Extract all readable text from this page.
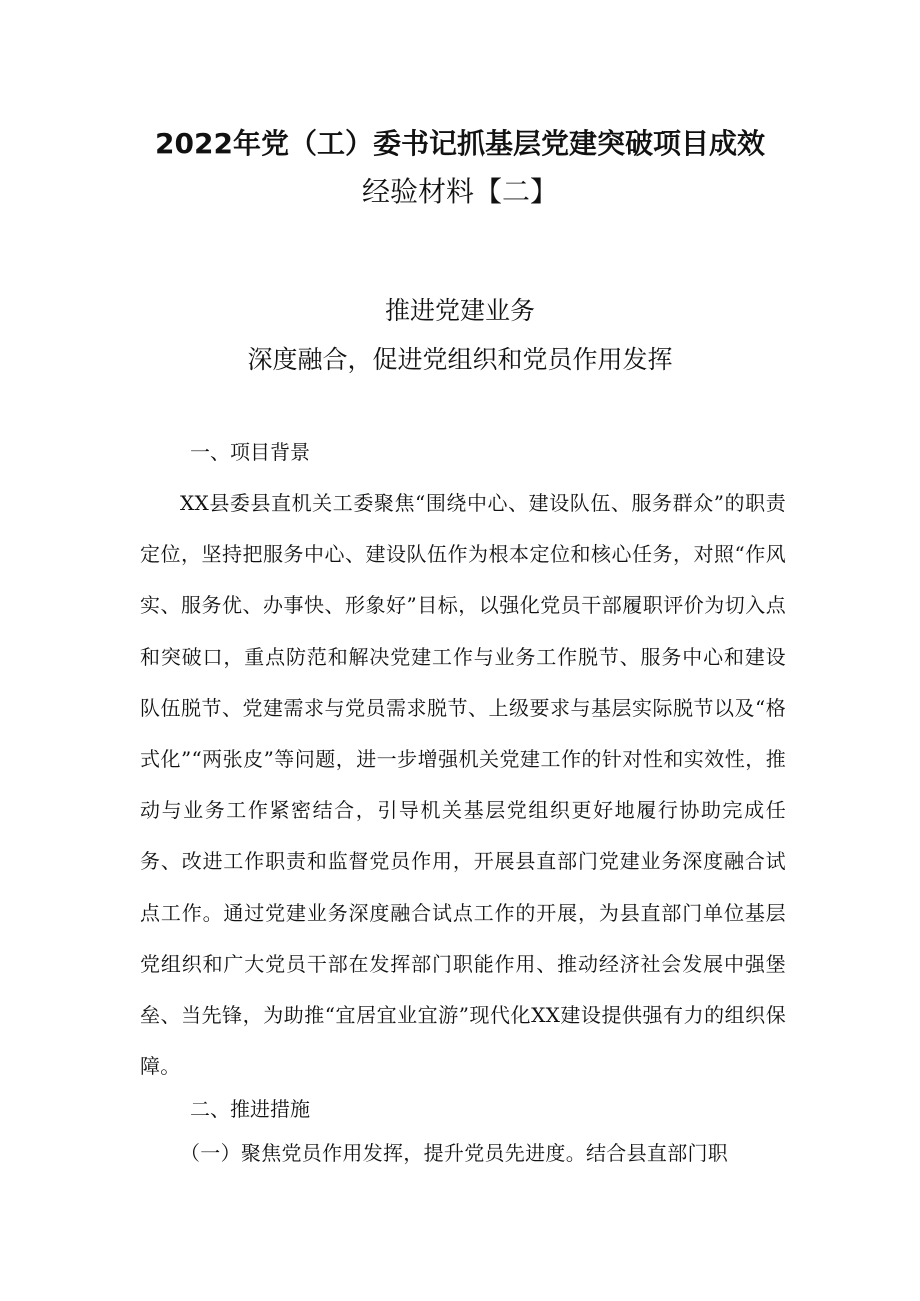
2022年党（工）委书记抓基层党建突破项目成效
经验材料【二】
推进党建业务
深度融合，促进党组织和党员作用发挥
一、项目背景

XX县委县直机关工委聚焦“围绕中心、建设队伍、服务群众”的职责定位，坚持把服务中心、建设队伍作为根本定位和核心任务，对照“作风实、服务优、办事快、形象好”目标，以强化党员干部履职评价为切入点和突破口，重点防范和解决党建工作与业务工作脱节、服务中心和建设队伍脱节、党建需求与党员需求脱节、上级要求与基层实际脱节以及“格式化”“两张皮”等问题，进一步增强机关党建工作的针对性和实效性，推动与业务工作紧密结合，引导机关基层党组织更好地履行协助完成任务、改进工作职责和监督党员作用，开展县直部门党建业务深度融合试点工作。通过党建业务深度融合试点工作的开展，为县直部门单位基层党组织和广大党员干部在发挥部门职能作用、推动经济社会发展中强堡垒、当先锋，为助推“宜居宜业宜游”现代化XX建设提供强有力的组织保障。

二、推进措施

（一）聚焦党员作用发挥，提升党员先进度。结合县直部门职
